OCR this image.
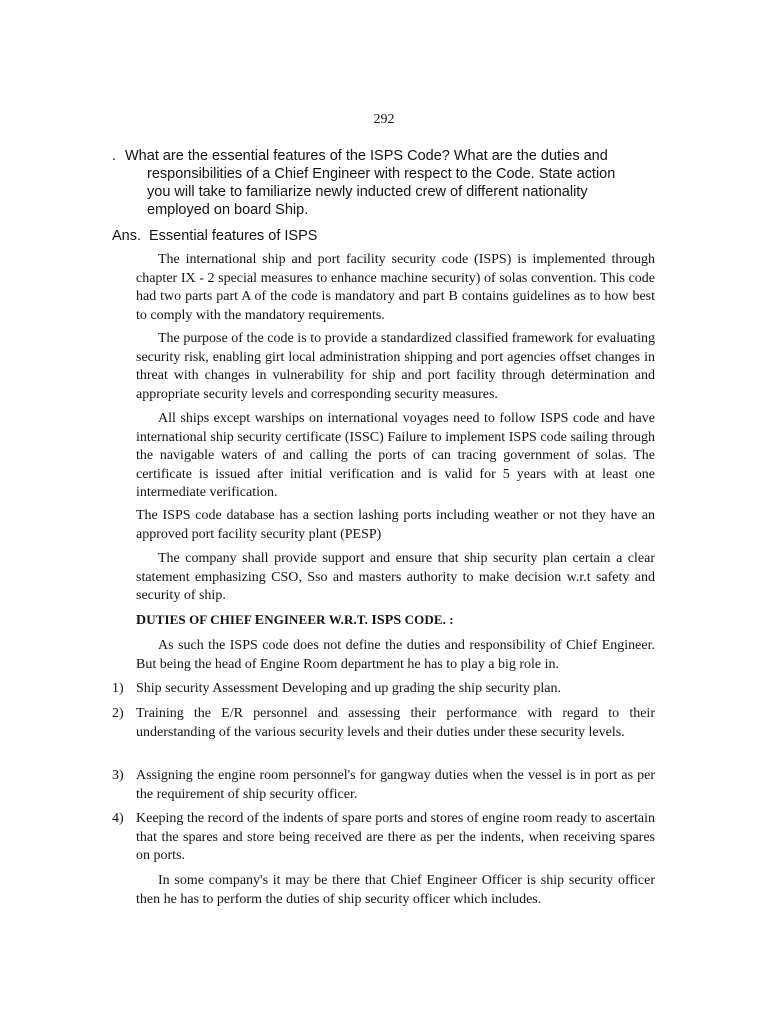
292
. What are the essential features of the ISPS Code? What are the duties and responsibilities of a Chief Engineer with respect to the Code. State action you will take to familiarize newly inducted crew of different nationality employed on board Ship.
Ans. Essential features of ISPS

The international ship and port facility security code (ISPS) is implemented through chapter IX - 2 special measures to enhance machine security) of solas convention. This code had two parts part A of the code is mandatory and part B contains guidelines as to how best to comply with the mandatory requirements.

The purpose of the code is to provide a standardized classified framework for evaluating security risk, enabling girt local administration shipping and port agencies offset changes in threat with changes in vulnerability for ship and port facility through determination and appropriate security levels and corresponding security measures.

All ships except warships on international voyages need to follow ISPS code and have international ship security certificate (ISSC) Failure to implement ISPS code sailing through the navigable waters of and calling the ports of can tracing government of solas. The certificate is issued after initial verification and is valid for 5 years with at least one intermediate verification.

The ISPS code database has a section lashing ports including weather or not they have an approved port facility security plant (PESP)

The company shall provide support and ensure that ship security plan certain a clear statement emphasizing CSO, Sso and masters authority to make decision w.r.t safety and security of ship.

DUTIES OF CHIEF ENGINEER W.R.T. ISPS CODE. :

As such the ISPS code does not define the duties and responsibility of Chief Engineer. But being the head of Engine Room department he has to play a big role in.

1) Ship security Assessment Developing and up grading the ship security plan.
2) Training the E/R personnel and assessing their performance with regard to their understanding of the various security levels and their duties under these security levels.
3) Assigning the engine room personnel's for gangway duties when the vessel is in port as per the requirement of ship security officer.
4) Keeping the record of the indents of spare ports and stores of engine room ready to ascertain that the spares and store being received are there as per the indents, when receiving spares on ports.

In some company's it may be there that Chief Engineer Officer is ship security officer then he has to perform the duties of ship security officer which includes.
